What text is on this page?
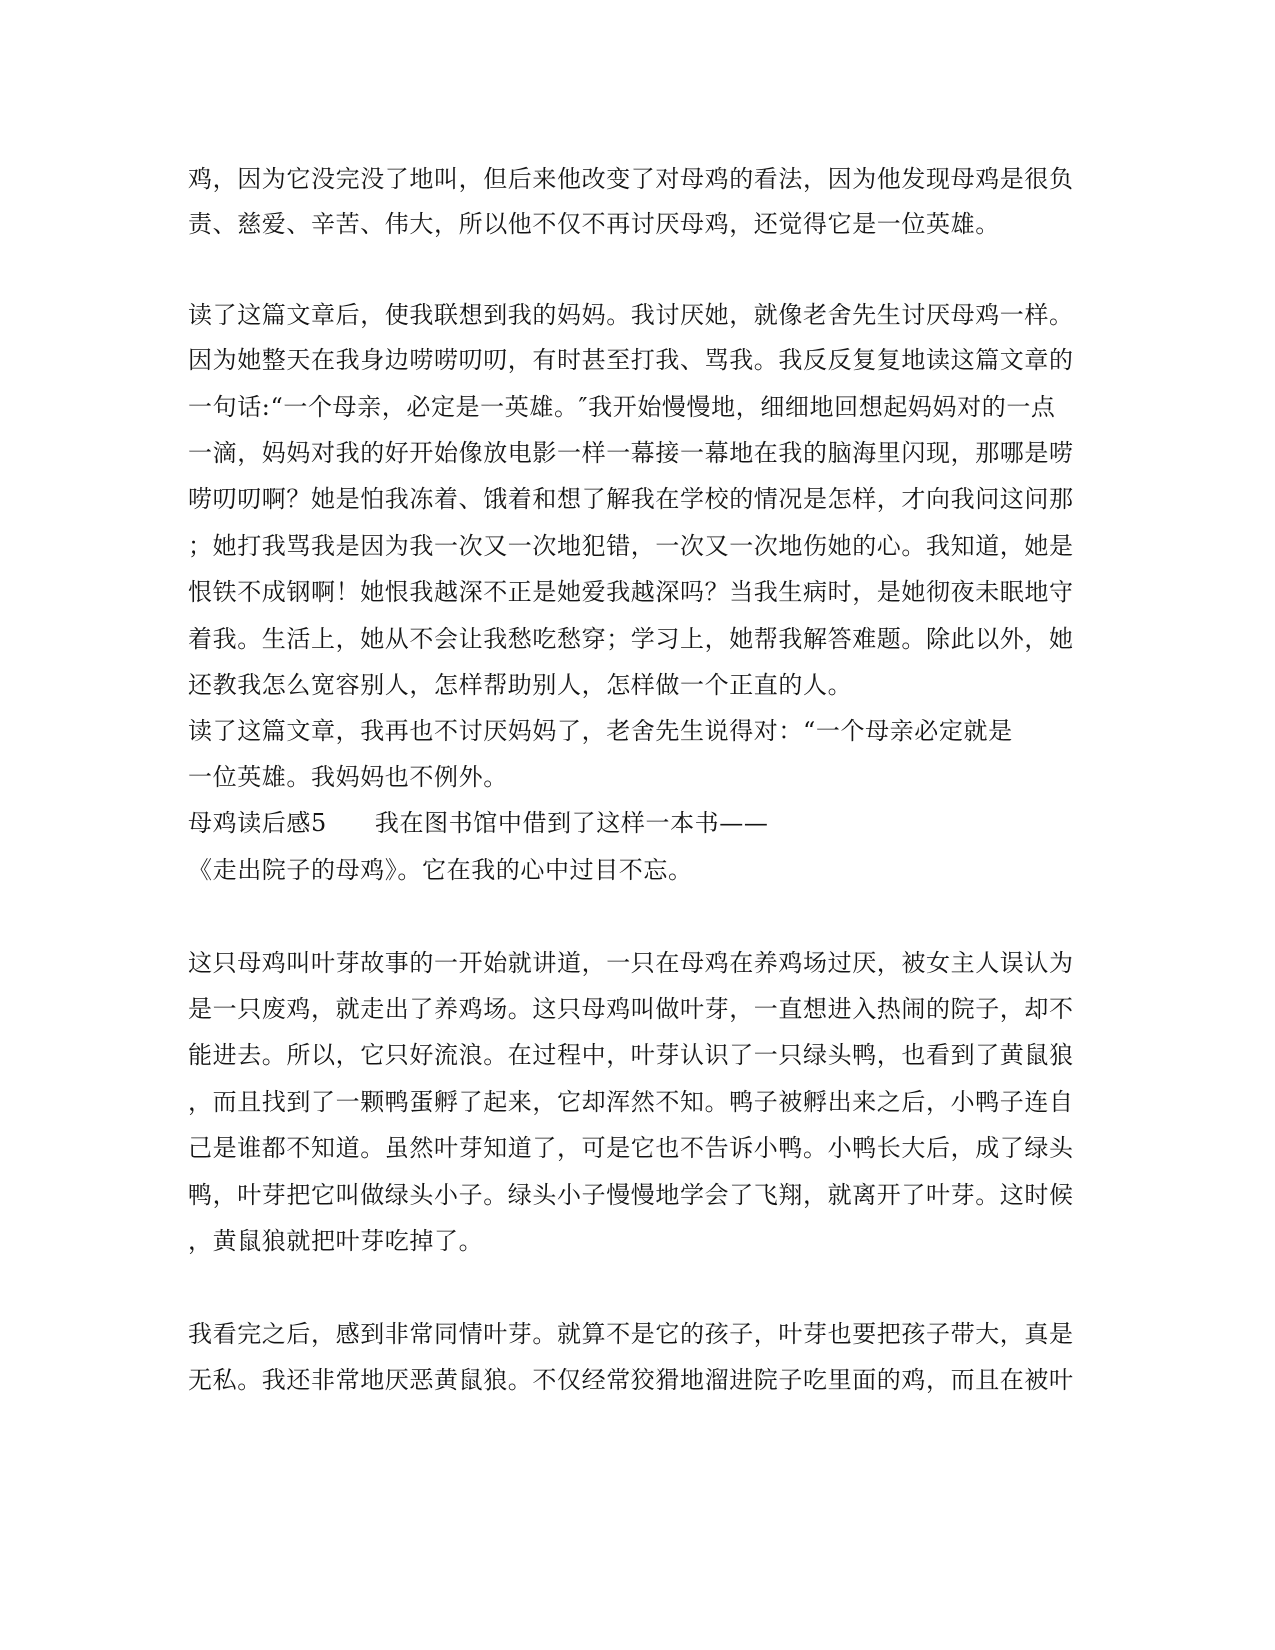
鸡，因为它没完没了地叫，但后来他改变了对母鸡的看法，因为他发现母鸡是很负
责、慈爱、辛苦、伟大，所以他不仅不再讨厌母鸡，还觉得它是一位英雄。
读了这篇文章后，使我联想到我的妈妈。我讨厌她，就像老舍先生讨厌母鸡一样。
因为她整天在我身边唠唠叨叨，有时甚至打我、骂我。我反反复复地读这篇文章的
一句话:“一个母亲，必定是一英雄。″我开始慢慢地，细细地回想起妈妈对的一点
一滴，妈妈对我的好开始像放电影一样一幕接一幕地在我的脑海里闪现，那哪是唠
唠叨叨啊？她是怕我冻着、饿着和想了解我在学校的情况是怎样，才向我问这问那
；她打我骂我是因为我一次又一次地犯错，一次又一次地伤她的心。我知道，她是
恨铁不成钢啊！她恨我越深不正是她爱我越深吗？当我生病时，是她彻夜未眠地守
着我。生活上，她从不会让我愁吃愁穿；学习上，她帮我解答难题。除此以外，她
还教我怎么宽容别人，怎样帮助别人，怎样做一个正直的人。
读了这篇文章，我再也不讨厌妈妈了，老舍先生说得对：“一个母亲必定就是
一位英雄。我妈妈也不例外。
母鸡读后感5 我在图书馆中借到了这样一本书——
《走出院子的母鸡》。它在我的心中过目不忘。
这只母鸡叫叶芽故事的一开始就讲道，一只在母鸡在养鸡场过厌，被女主人误认为
是一只废鸡，就走出了养鸡场。这只母鸡叫做叶芽，一直想进入热闹的院子，却不
能进去。所以，它只好流浪。在过程中，叶芽认识了一只绿头鸭，也看到了黄鼠狼
，而且找到了一颗鸭蛋孵了起来，它却浑然不知。鸭子被孵出来之后，小鸭子连自
己是谁都不知道。虽然叶芽知道了，可是它也不告诉小鸭。小鸭长大后，成了绿头
鸭，叶芽把它叫做绿头小子。绿头小子慢慢地学会了飞翔，就离开了叶芽。这时候
，黄鼠狼就把叶芽吃掉了。
我看完之后，感到非常同情叶芽。就算不是它的孩子，叶芽也要把孩子带大，真是
无私。我还非常地厌恶黄鼠狼。不仅经常狡猾地溜进院子吃里面的鸡，而且在被叶
